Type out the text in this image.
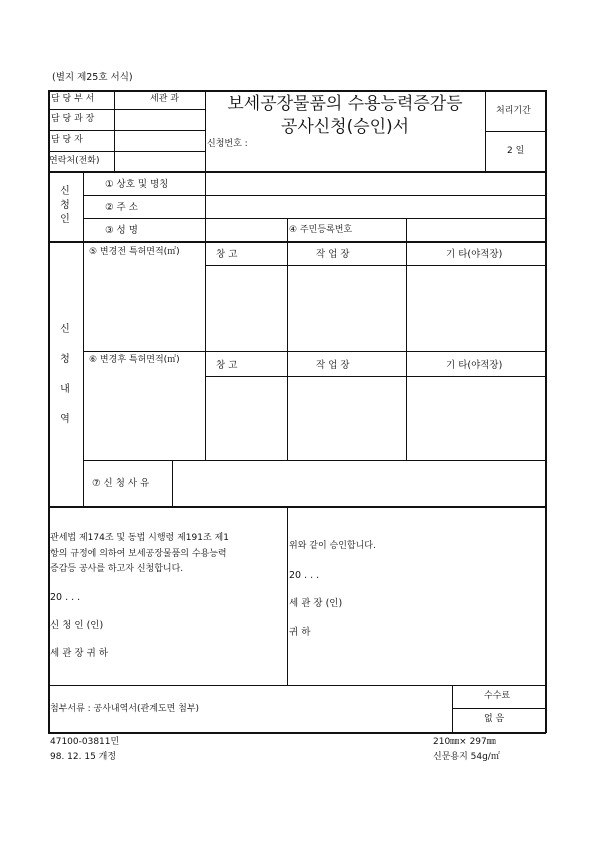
(별지 제25호 서식)
담 당 부 서	세관 과
담 당 과 장
담 당 자
연락처(전화)
보세공장물품의 수용능력증감등
공사신청(승인)서
신청번호 :
처리기간
2 일
신
청
인
① 상호 및 명칭
② 주 소
③ 성 명	④ 주민등록번호
신
청
내
역
⑤ 변경전 특허면적(㎡)	창 고	작 업 장	기 타(야적장)
⑥ 변경후 특허면적(㎡)	창 고	작 업 장	기 타(야적장)
⑦ 신 청 사 유
관세법 제174조 및 동법 시행령 제191조 제1
항의 규정에 의하여 보세공장물품의 수용능력
증감등 공사를 하고자 신청합니다.
20 . . .
신 청 인 (인)
세 관 장 귀 하
위와 같이 승인합니다.
20 . . .
세 관 장 (인)
귀 하
첨부서류 : 공사내역서(관계도면 첨부)
수수료
없 음
47100-03811민
98. 12. 15 개정
210㎜× 297㎜
신문용지 54g/㎡
